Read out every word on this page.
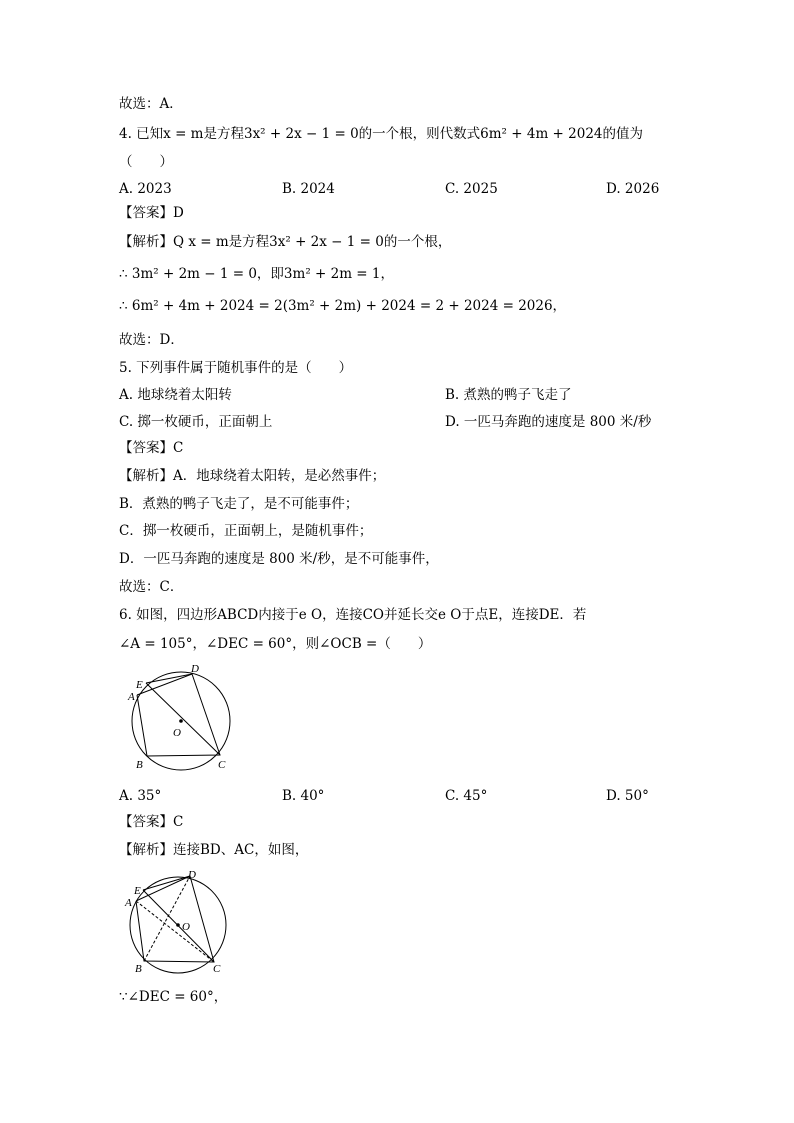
故选：A．
4. 已知x = m是方程3x² + 2x − 1 = 0的一个根，则代数式6m² + 4m + 2024的值为
（　　）
A. 2023	B. 2024	C. 2025	D. 2026
【答案】D
【解析】Q x = m是方程3x² + 2x − 1 = 0的一个根，
∴ 3m² + 2m − 1 = 0，即3m² + 2m = 1，
∴ 6m² + 4m + 2024 = 2(3m² + 2m) + 2024 = 2 + 2024 = 2026，
故选：D．
5. 下列事件属于随机事件的是（　　）
A. 地球绕着太阳转	B. 煮熟的鸭子飞走了
C. 掷一枚硬币，正面朝上	D. 一匹马奔跑的速度是 800 米/秒
【答案】C
【解析】A．地球绕着太阳转，是必然事件；
B．煮熟的鸭子飞走了，是不可能事件；
C．掷一枚硬币，正面朝上，是随机事件；
D．一匹马奔跑的速度是 800 米/秒，是不可能事件，
故选：C．
6. 如图，四边形ABCD内接于e O，连接CO并延长交e O于点E，连接DE．若
∠A = 105°，∠DEC = 60°，则∠OCB =（　　）
D
E
A
O
B	C
A. 35°	B. 40°	C. 45°	D. 50°
【答案】C
【解析】连接BD、AC，如图，
D
E
A
O
B	C
∵∠DEC = 60°，
